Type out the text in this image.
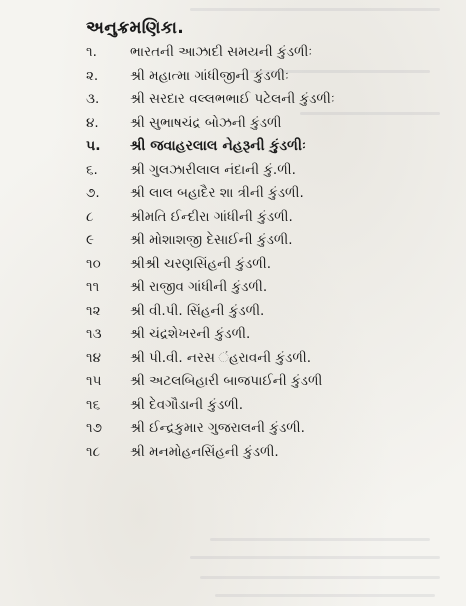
અનુક્રમણિકા.
૧.	ભારતની આઝાદી સમયની કુંડળીઃ
૨.	શ્રી મહાત્મા ગાંધીજીની કુંડળીઃ
૩.	શ્રી સરદાર વલ્લભભાઈ પટેલની કુંડળીઃ
૪.	શ્રી સુભાષચંદ્ર બોઝની કુંડળી
૫.	શ્રી જવાહરલાલ નેહરૂની કુંડળીઃ
૬.	શ્રી ગુલઝારીલાલ નંદાની કું.ળી.
૭.	શ્રી લાલ બહાદૈર શા ત્રીની કુંડળી.
૮	શ્રીમતિ ઈન્દીરા ગાંધીની કુંડળી.
૯	શ્રી મોશાશજી દેસાઈની કુંડળી.
૧૦	શ્રીશ્રી ચરણસિંહની કુંડળી.
૧૧	શ્રી રાજીવ ગાંધીની કુંડળી.
૧૨	શ્રી વી.પી. સિંહની કુંડળી.
૧૩	શ્રી ચંદ્રશેખરની કુંડળી.
૧૪	શ્રી પી.વી. નરસ ંહરાવની કુંડળી.
૧૫	શ્રી અટલબિહારી બાજપાઈની કુંડળી
૧૬	શ્રી દેવગૌડાની કુંડળી.
૧૭	શ્રી ઈન્દ્રકુમાર ગુજરાલની કુંડળી.
૧૮	શ્રી મનમોહનસિંહની કુંડળી.
